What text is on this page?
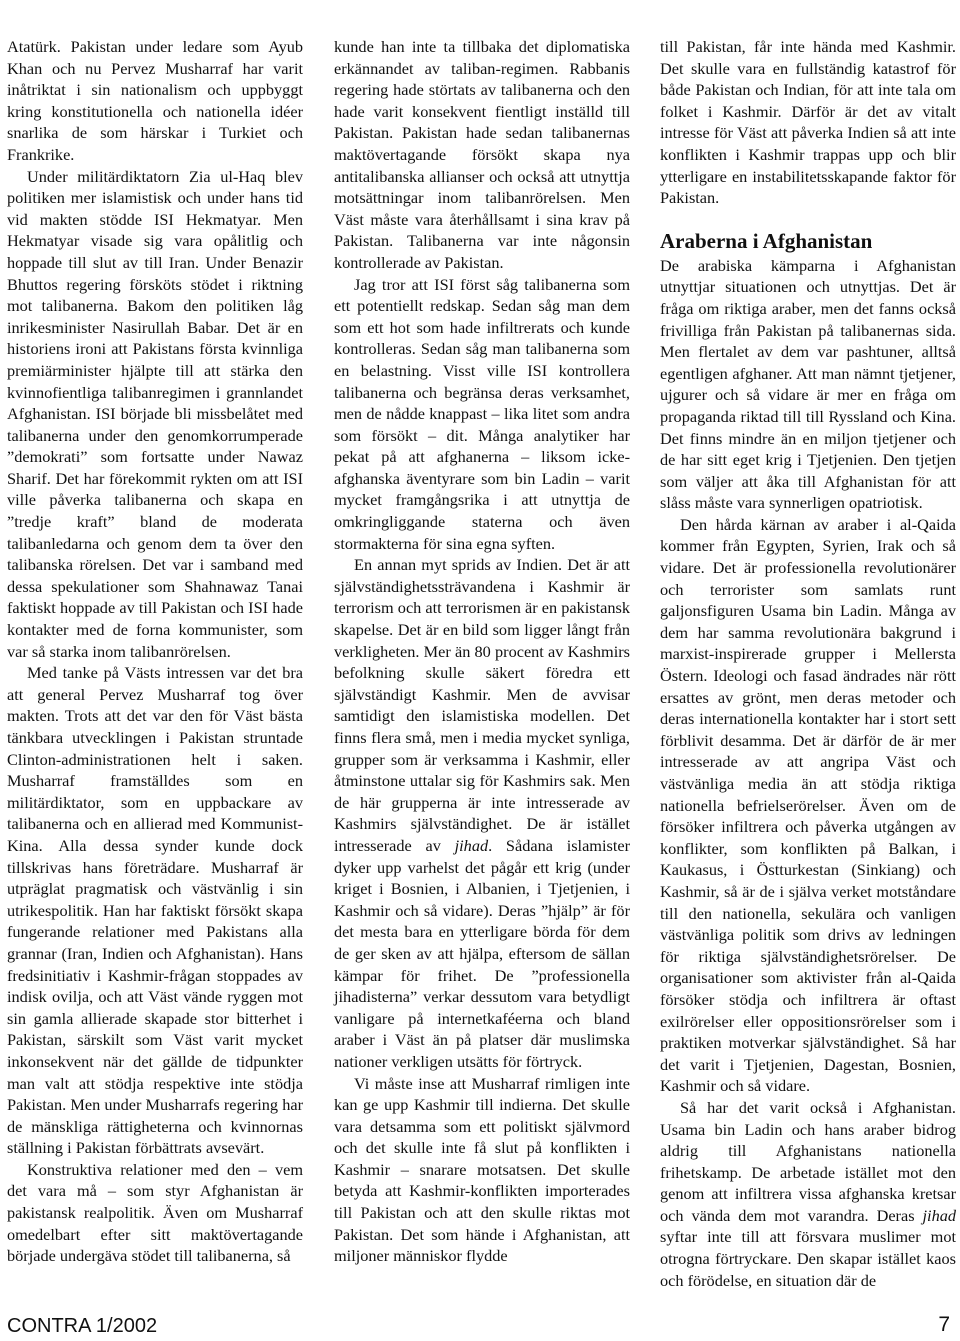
Atatürk. Pakistan under ledare som Ayub Khan och nu Pervez Musharraf har varit inåtriktat i sin nationalism och uppbyggt kring konstitutionella och nationella idéer snarlika de som härskar i Turkiet och Frankrike.

Under militärdiktatorn Zia ul-Haq blev politiken mer islamistisk och under hans tid vid makten stödde ISI Hekmatyar. Men Hekmatyar visade sig vara opålitlig och hoppade till slut av till Iran. Under Benazir Bhuttos regering försköts stödet i riktning mot talibanerna. Bakom den politiken låg inrikesminister Nasirullah Babar. Det är en historiens ironi att Pakistans första kvinnliga premiärminister hjälpte till att stärka den kvinnofientliga talibanregimen i grannlandet Afghanistan. ISI började bli missbelåtet med talibanerna under den genomkorrumperade ”demokrati” som fortsatte under Nawaz Sharif. Det har förekommit rykten om att ISI ville påverka talibanerna och skapa en ”tredje kraft” bland de moderata talibanledarna och genom dem ta över den talibanska rörelsen. Det var i samband med dessa spekulationer som Shahnawaz Tanai faktiskt hoppade av till Pakistan och ISI hade kontakter med de forna kommunister, som var så starka inom talibanrörelsen.

Med tanke på Västs intressen var det bra att general Pervez Musharraf tog över makten. Trots att det var den för Väst bästa tänkbara utvecklingen i Pakistan struntade Clinton-administrationen helt i saken. Musharraf framställdes som en militärdiktator, som en uppbackare av talibanerna och en allierad med Kommunist-Kina. Alla dessa synder kunde dock tillskrivas hans företrädare. Musharraf är utpräglat pragmatisk och västvänlig i sin utrikespolitik. Han har faktiskt försökt skapa fungerande relationer med Pakistans alla grannar (Iran, Indien och Afghanistan). Hans fredsinitiativ i Kashmir-frågan stoppades av indisk ovilja, och att Väst vände ryggen mot sin gamla allierade skapade stor bitterhet i Pakistan, särskilt som Väst varit mycket inkonsekvent när det gällde de tidpunkter man valt att stödja respektive inte stödja Pakistan. Men under Musharrafs regering har de mänskliga rättigheterna och kvinnornas ställning i Pakistan förbättrats avsevärt.

Konstruktiva relationer med den – vem det vara må – som styr Afghanistan är pakistansk realpolitik. Även om Musharraf omedelbart efter sitt maktövertagande började undergäva stödet till talibanerna, så

kunde han inte ta tillbaka det diplomatiska erkännandet av taliban-regimen. Rabbanis regering hade störtats av talibanerna och den hade varit konsekvent fientligt inställd till Pakistan. Pakistan hade sedan talibanernas maktövertagande försökt skapa nya antitalibanska allianser och också att utnyttja motsättningar inom talibanrörelsen. Men Väst måste vara återhållsamt i sina krav på Pakistan. Talibanerna var inte någonsin kontrollerade av Pakistan.

Jag tror att ISI först såg talibanerna som ett potentiellt redskap. Sedan såg man dem som ett hot som hade infiltrerats och kunde kontrolleras. Sedan såg man talibanerna som en belastning. Visst ville ISI kontrollera talibanerna och begränsa deras verksamhet, men de nådde knappast – lika litet som andra som försökt – dit. Många analytiker har pekat på att afghanerna – liksom icke-afghanska äventyrare som bin Ladin – varit mycket framgångsrika i att utnyttja de omkringliggande staterna och även stormakterna för sina egna syften.

En annan myt sprids av Indien. Det är att självständighetssträvandena i Kashmir är terrorism och att terrorismen är en pakistansk skapelse. Det är en bild som ligger långt från verkligheten. Mer än 80 procent av Kashmirs befolkning skulle säkert föredra ett självständigt Kashmir. Men de avvisar samtidigt den islamistiska modellen. Det finns flera små, men i media mycket synliga, grupper som är verksamma i Kashmir, eller åtminstone uttalar sig för Kashmirs sak. Men de här grupperna är inte intresserade av Kashmirs självständighet. De är istället intresserade av jihad. Sådana islamister dyker upp varhelst det pågår ett krig (under kriget i Bosnien, i Albanien, i Tjetjenien, i Kashmir och så vidare). Deras ”hjälp” är för det mesta bara en ytterligare börda för dem de ger sken av att hjälpa, eftersom de sällan kämpar för frihet. De ”professionella jihadisterna” verkar dessutom vara betydligt vanligare på internetkaféerna och bland araber i Väst än på platser där muslimska nationer verkligen utsätts för förtryck.

Vi måste inse att Musharraf rimligen inte kan ge upp Kashmir till indierna. Det skulle vara detsamma som ett politiskt självmord och det skulle inte få slut på konflikten i Kashmir – snarare motsatsen. Det skulle betyda att Kashmir-konflikten importerades till Pakistan och att den skulle riktas mot Pakistan. Det som hände i Afghanistan, att miljoner människor flydde

till Pakistan, får inte hända med Kashmir. Det skulle vara en fullständig katastrof för både Pakistan och Indian, för att inte tala om folket i Kashmir. Därför är det av vitalt intresse för Väst att påverka Indien så att inte konflikten i Kashmir trappas upp och blir ytterligare en instabilitetsskapande faktor för Pakistan.

Araberna i Afghanistan

De arabiska kämparna i Afghanistan utnyttjar situationen och utnyttjas. Det är fråga om riktiga araber, men det fanns också frivilliga från Pakistan på talibanernas sida. Men flertalet av dem var pashtuner, alltså egentligen afghaner. Att man nämnt tjetjener, ujgurer och så vidare är mer en fråga om propaganda riktad till till Ryssland och Kina. Det finns mindre än en miljon tjetjener och de har sitt eget krig i Tjetjenien. Den tjetjen som väljer att åka till Afghanistan för att slåss måste vara synnerligen opatriotisk.

Den hårda kärnan av araber i al-Qaida kommer från Egypten, Syrien, Irak och så vidare. Det är professionella revolutionärer och terrorister som samlats runt galjonsfiguren Usama bin Ladin. Många av dem har samma revolutionära bakgrund i marxist-inspirerade grupper i Mellersta Östern. Ideologi och fasad ändrades när rött ersattes av grönt, men deras metoder och deras internationella kontakter har i stort sett förblivit desamma. Det är därför de är mer intresserade av att angripa Väst och västvänliga media än att stödja riktiga nationella befrielserörelser. Även om de försöker infiltrera och påverka utgången av konflikter, som konflikten på Balkan, i Kaukasus, i Östturkestan (Sinkiang) och Kashmir, så är de i själva verket motståndare till den nationella, sekulära och vanligen västvänliga politik som drivs av ledningen för riktiga självständighetsrörelser. De organisationer som aktivister från al-Qaida försöker stödja och infiltrera är oftast exilrörelser eller oppositionsrörelser som i praktiken motverkar självständighet. Så har det varit i Tjetjenien, Dagestan, Bosnien, Kashmir och så vidare.

Så har det varit också i Afghanistan. Usama bin Ladin och hans araber bidrog aldrig till Afghanistans nationella frihetskamp. De arbetade istället mot den genom att infiltrera vissa afghanska kretsar och vända dem mot varandra. Deras jihad syftar inte till att försvara muslimer mot otrogna förtryckare. Den skapar istället kaos och förödelse, en situation där de

CONTRA 1/2002	7
